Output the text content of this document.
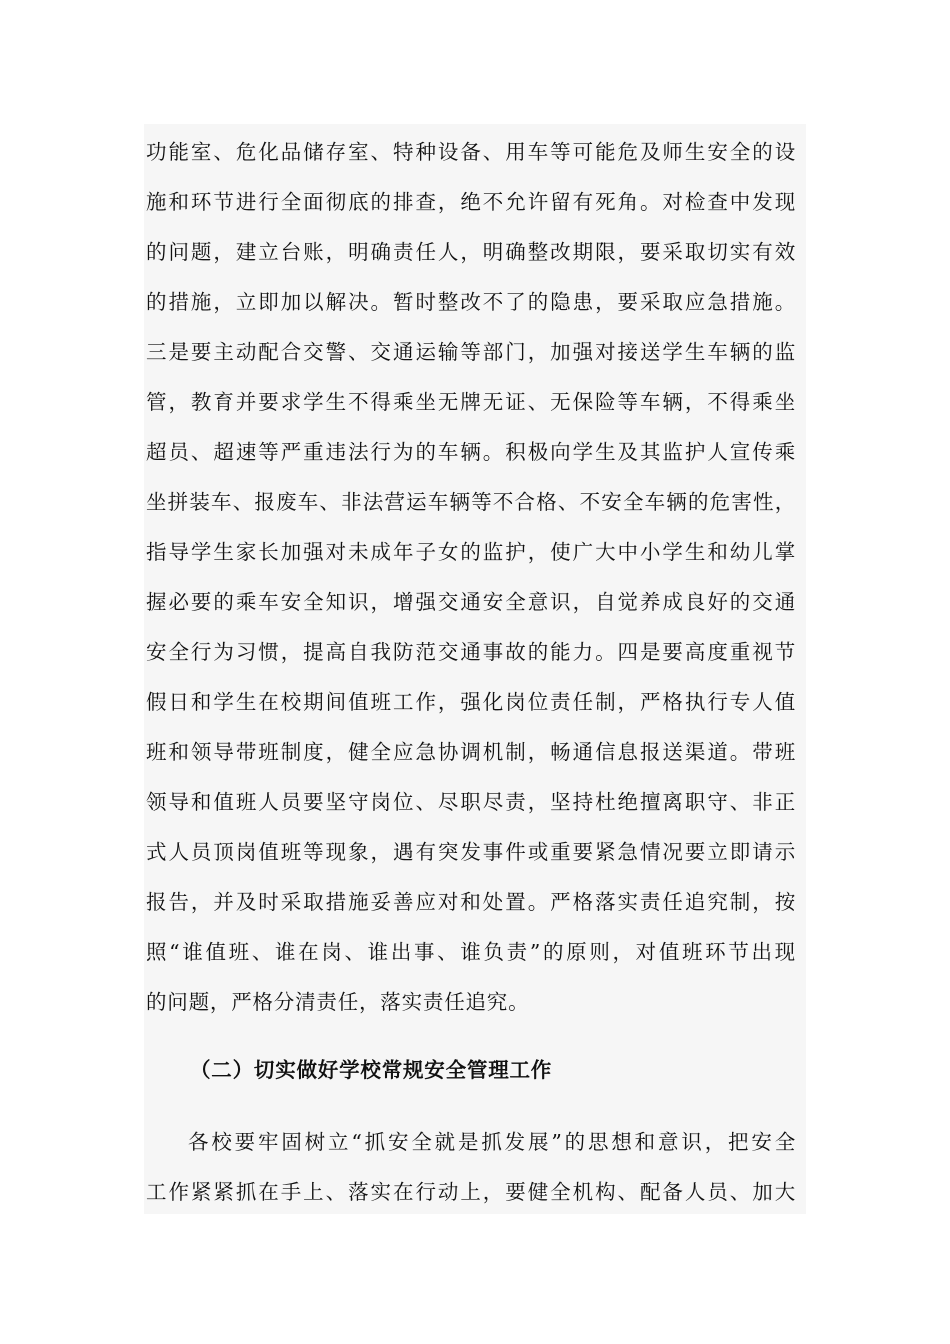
功能室、危化品储存室、特种设备、用车等可能危及师生安全的设
施和环节进行全面彻底的排查，绝不允许留有死角。对检查中发现
的问题，建立台账，明确责任人，明确整改期限，要采取切实有效
的措施，立即加以解决。暂时整改不了的隐患，要采取应急措施。
三是要主动配合交警、交通运输等部门，加强对接送学生车辆的监
管，教育并要求学生不得乘坐无牌无证、无保险等车辆，不得乘坐
超员、超速等严重违法行为的车辆。积极向学生及其监护人宣传乘
坐拼装车、报废车、非法营运车辆等不合格、不安全车辆的危害性，
指导学生家长加强对未成年子女的监护，使广大中小学生和幼儿掌
握必要的乘车安全知识，增强交通安全意识，自觉养成良好的交通
安全行为习惯，提高自我防范交通事故的能力。四是要高度重视节
假日和学生在校期间值班工作，强化岗位责任制，严格执行专人值
班和领导带班制度，健全应急协调机制，畅通信息报送渠道。带班
领导和值班人员要坚守岗位、尽职尽责，坚持杜绝擅离职守、非正
式人员顶岗值班等现象，遇有突发事件或重要紧急情况要立即请示
报告，并及时采取措施妥善应对和处置。严格落实责任追究制，按
照“谁值班、谁在岗、谁出事、谁负责”的原则，对值班环节出现
的问题，严格分清责任，落实责任追究。
（二）切实做好学校常规安全管理工作
各校要牢固树立“抓安全就是抓发展”的思想和意识，把安全
工作紧紧抓在手上、落实在行动上，要健全机构、配备人员、加大
